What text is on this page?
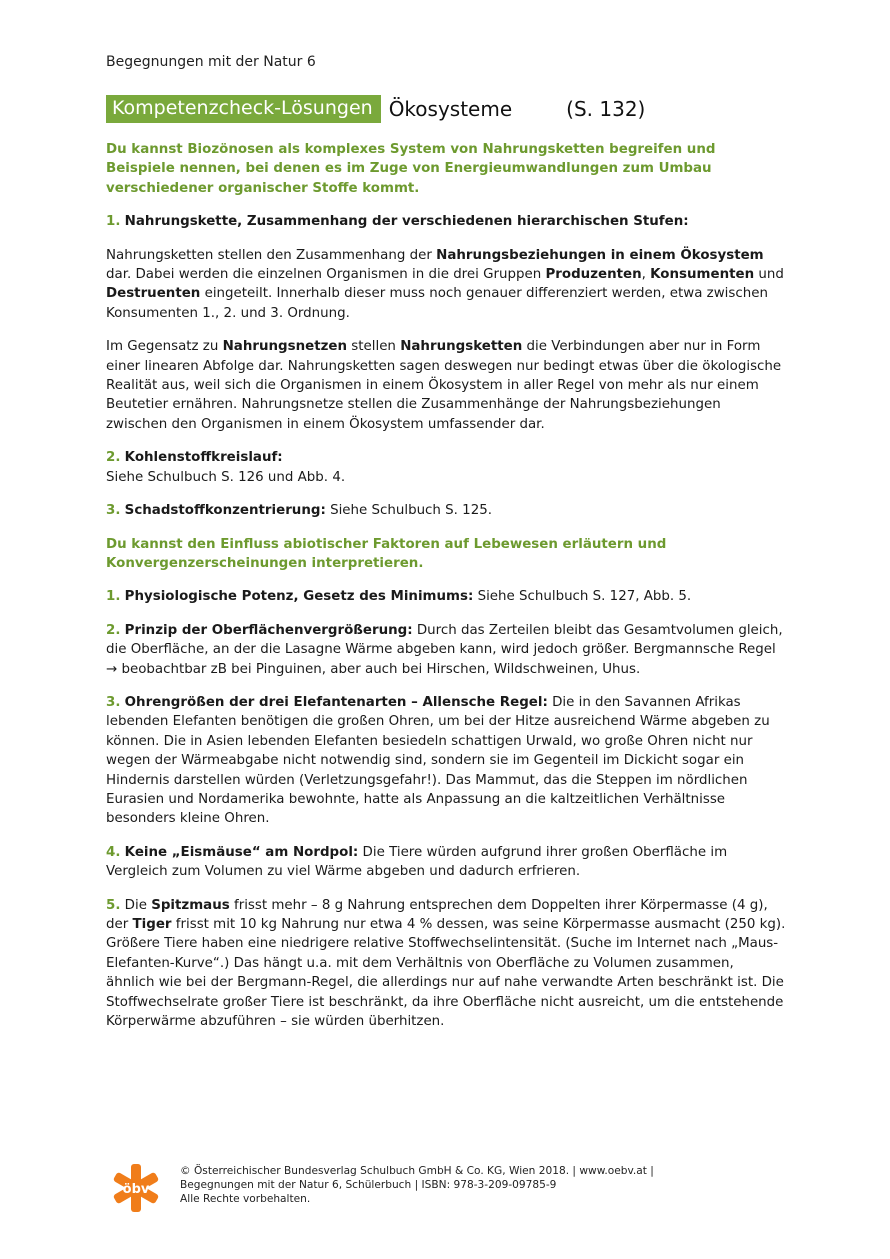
Begegnungen mit der Natur 6
Kompetenzcheck-Lösungen Ökosysteme	(S. 132)

Du kannst Biozönosen als komplexes System von Nahrungsketten begreifen und Beispiele nennen, bei denen es im Zuge von Energieumwandlungen zum Umbau verschiedener organischer Stoffe kommt.

1. Nahrungskette, Zusammenhang der verschiedenen hierarchischen Stufen:

Nahrungsketten stellen den Zusammenhang der Nahrungsbeziehungen in einem Ökosystem dar. Dabei werden die einzelnen Organismen in die drei Gruppen Produzenten, Konsumenten und Destruenten eingeteilt. Innerhalb dieser muss noch genauer differenziert werden, etwa zwischen Konsumenten 1., 2. und 3. Ordnung.

Im Gegensatz zu Nahrungsnetzen stellen Nahrungsketten die Verbindungen aber nur in Form einer linearen Abfolge dar. Nahrungsketten sagen deswegen nur bedingt etwas über die ökologische Realität aus, weil sich die Organismen in einem Ökosystem in aller Regel von mehr als nur einem Beutetier ernähren. Nahrungsnetze stellen die Zusammenhänge der Nahrungsbeziehungen zwischen den Organismen in einem Ökosystem umfassender dar.

2. Kohlenstoffkreislauf:
Siehe Schulbuch S. 126 und Abb. 4.

3. Schadstoffkonzentrierung: Siehe Schulbuch S. 125.

Du kannst den Einfluss abiotischer Faktoren auf Lebewesen erläutern und Konvergenzerscheinungen interpretieren.

1. Physiologische Potenz, Gesetz des Minimums: Siehe Schulbuch S. 127, Abb. 5.

2. Prinzip der Oberflächenvergrößerung: Durch das Zerteilen bleibt das Gesamtvolumen gleich, die Oberfläche, an der die Lasagne Wärme abgeben kann, wird jedoch größer. Bergmannsche Regel → beobachtbar zB bei Pinguinen, aber auch bei Hirschen, Wildschweinen, Uhus.

3. Ohrengrößen der drei Elefantenarten – Allensche Regel: Die in den Savannen Afrikas lebenden Elefanten benötigen die großen Ohren, um bei der Hitze ausreichend Wärme abgeben zu können. Die in Asien lebenden Elefanten besiedeln schattigen Urwald, wo große Ohren nicht nur wegen der Wärmeabgabe nicht notwendig sind, sondern sie im Gegenteil im Dickicht sogar ein Hindernis darstellen würden (Verletzungsgefahr!). Das Mammut, das die Steppen im nördlichen Eurasien und Nordamerika bewohnte, hatte als Anpassung an die kaltzeitlichen Verhältnisse besonders kleine Ohren.

4. Keine „Eismäuse“ am Nordpol: Die Tiere würden aufgrund ihrer großen Oberfläche im Vergleich zum Volumen zu viel Wärme abgeben und dadurch erfrieren.

5. Die Spitzmaus frisst mehr – 8 g Nahrung entsprechen dem Doppelten ihrer Körpermasse (4 g), der Tiger frisst mit 10 kg Nahrung nur etwa 4 % dessen, was seine Körpermasse ausmacht (250 kg). Größere Tiere haben eine niedrigere relative Stoffwechselintensität. (Suche im Internet nach „Maus-Elefanten-Kurve“.) Das hängt u.a. mit dem Verhältnis von Oberfläche zu Volumen zusammen, ähnlich wie bei der Bergmann-Regel, die allerdings nur auf nahe verwandte Arten beschränkt ist. Die Stoffwechselrate großer Tiere ist beschränkt, da ihre Oberfläche nicht ausreicht, um die entstehende Körperwärme abzuführen – sie würden überhitzen.

öbv
© Österreichischer Bundesverlag Schulbuch GmbH & Co. KG, Wien 2018. | www.oebv.at |
Begegnungen mit der Natur 6, Schülerbuch | ISBN: 978-3-209-09785-9
Alle Rechte vorbehalten.
